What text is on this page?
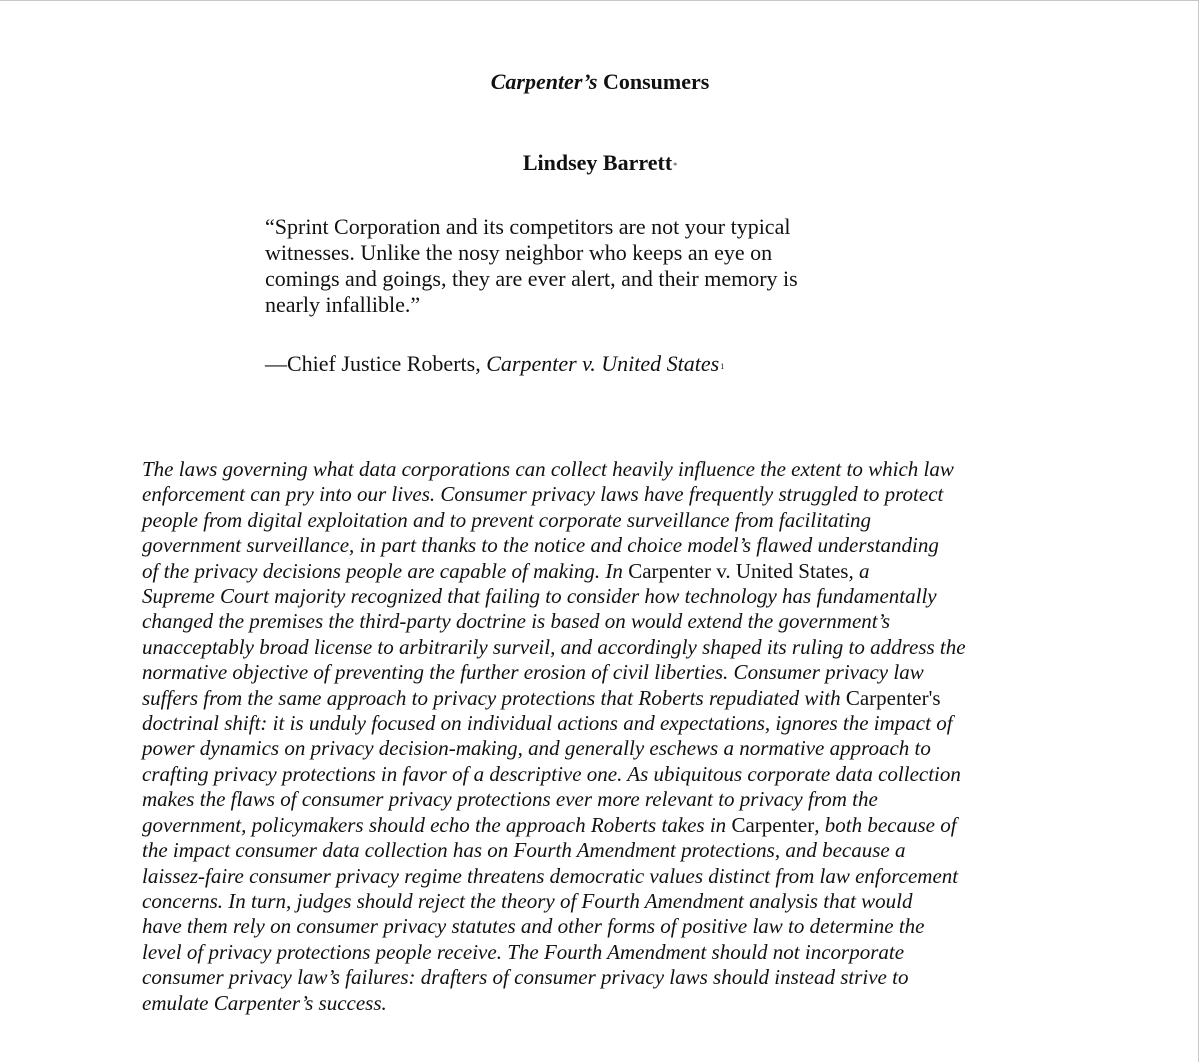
Carpenter’s Consumers
Lindsey Barrett*
“Sprint Corporation and its competitors are not your typical
witnesses. Unlike the nosy neighbor who keeps an eye on
comings and goings, they are ever alert, and their memory is
nearly infallible.”
—Chief Justice Roberts, Carpenter v. United States$^1$
The laws governing what data corporations can collect heavily influence the extent to which law
enforcement can pry into our lives. Consumer privacy laws have frequently struggled to protect
people from digital exploitation and to prevent corporate surveillance from facilitating
government surveillance, in part thanks to the notice and choice model’s flawed understanding
of the privacy decisions people are capable of making. In Carpenter v. United States, a
Supreme Court majority recognized that failing to consider how technology has fundamentally
changed the premises the third-party doctrine is based on would extend the government’s
unacceptably broad license to arbitrarily surveil, and accordingly shaped its ruling to address the
normative objective of preventing the further erosion of civil liberties. Consumer privacy law
suffers from the same approach to privacy protections that Roberts repudiated with Carpenter's
doctrinal shift: it is unduly focused on individual actions and expectations, ignores the impact of
power dynamics on privacy decision-making, and generally eschews a normative approach to
crafting privacy protections in favor of a descriptive one. As ubiquitous corporate data collection
makes the flaws of consumer privacy protections ever more relevant to privacy from the
government, policymakers should echo the approach Roberts takes in Carpenter, both because of
the impact consumer data collection has on Fourth Amendment protections, and because a
laissez-faire consumer privacy regime threatens democratic values distinct from law enforcement
concerns. In turn, judges should reject the theory of Fourth Amendment analysis that would
have them rely on consumer privacy statutes and other forms of positive law to determine the
level of privacy protections people receive. The Fourth Amendment should not incorporate
consumer privacy law’s failures: drafters of consumer privacy laws should instead strive to
emulate Carpenter’s success.
